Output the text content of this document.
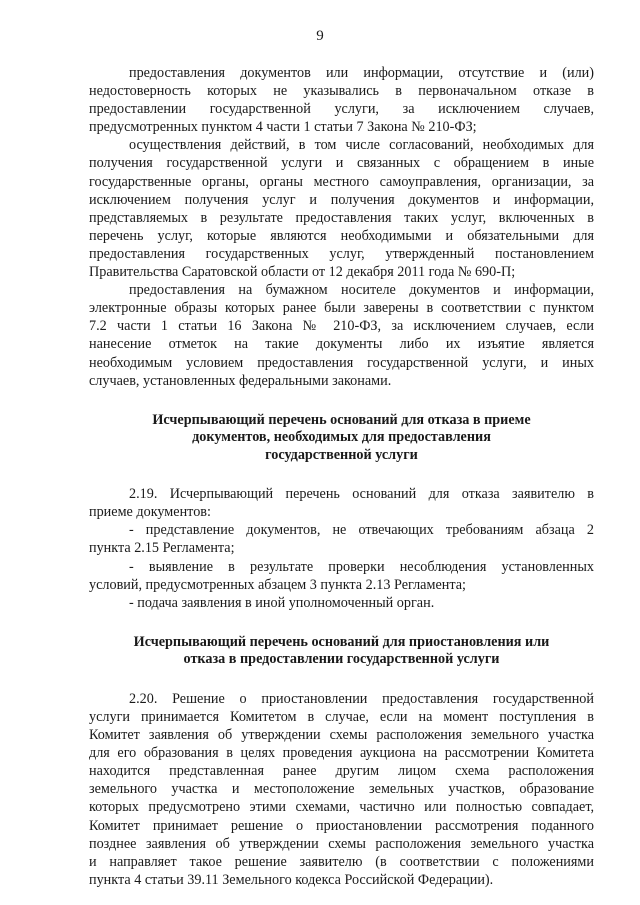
9
предоставления документов или информации, отсутствие и (или)
недостоверность которых не указывались в первоначальном отказе в
предоставлении государственной услуги, за исключением случаев,
предусмотренных пунктом 4 части 1 статьи 7 Закона № 210-ФЗ;
осуществления действий, в том числе согласований, необходимых для
получения государственной услуги и связанных с обращением в иные
государственные органы, органы местного самоуправления, организации, за
исключением получения услуг и получения документов и информации,
представляемых в результате предоставления таких услуг, включенных в
перечень услуг, которые являются необходимыми и обязательными для
предоставления государственных услуг, утвержденный постановлением
Правительства Саратовской области от 12 декабря 2011 года № 690-П;
предоставления на бумажном носителе документов и информации,
электронные образы которых ранее были заверены в соответствии с пунктом
7.2 части 1 статьи 16 Закона № 210-ФЗ, за исключением случаев, если
нанесение отметок на такие документы либо их изъятие является
необходимым условием предоставления государственной услуги, и иных
случаев, установленных федеральными законами.
Исчерпывающий перечень оснований для отказа в приеме
документов, необходимых для предоставления
государственной услуги
2.19. Исчерпывающий перечень оснований для отказа заявителю в
приеме документов:
- представление документов, не отвечающих требованиям абзаца 2
пункта 2.15 Регламента;
- выявление в результате проверки несоблюдения установленных
условий, предусмотренных абзацем 3 пункта 2.13 Регламента;
- подача заявления в иной уполномоченный орган.
Исчерпывающий перечень оснований для приостановления или
отказа в предоставлении государственной услуги
2.20. Решение о приостановлении предоставления государственной
услуги принимается Комитетом в случае, если на момент поступления в
Комитет заявления об утверждении схемы расположения земельного участка
для его образования в целях проведения аукциона на рассмотрении Комитета
находится представленная ранее другим лицом схема расположения
земельного участка и местоположение земельных участков, образование
которых предусмотрено этими схемами, частично или полностью совпадает,
Комитет принимает решение о приостановлении рассмотрения поданного
позднее заявления об утверждении схемы расположения земельного участка
и направляет такое решение заявителю (в соответствии с положениями
пункта 4 статьи 39.11 Земельного кодекса Российской Федерации).
